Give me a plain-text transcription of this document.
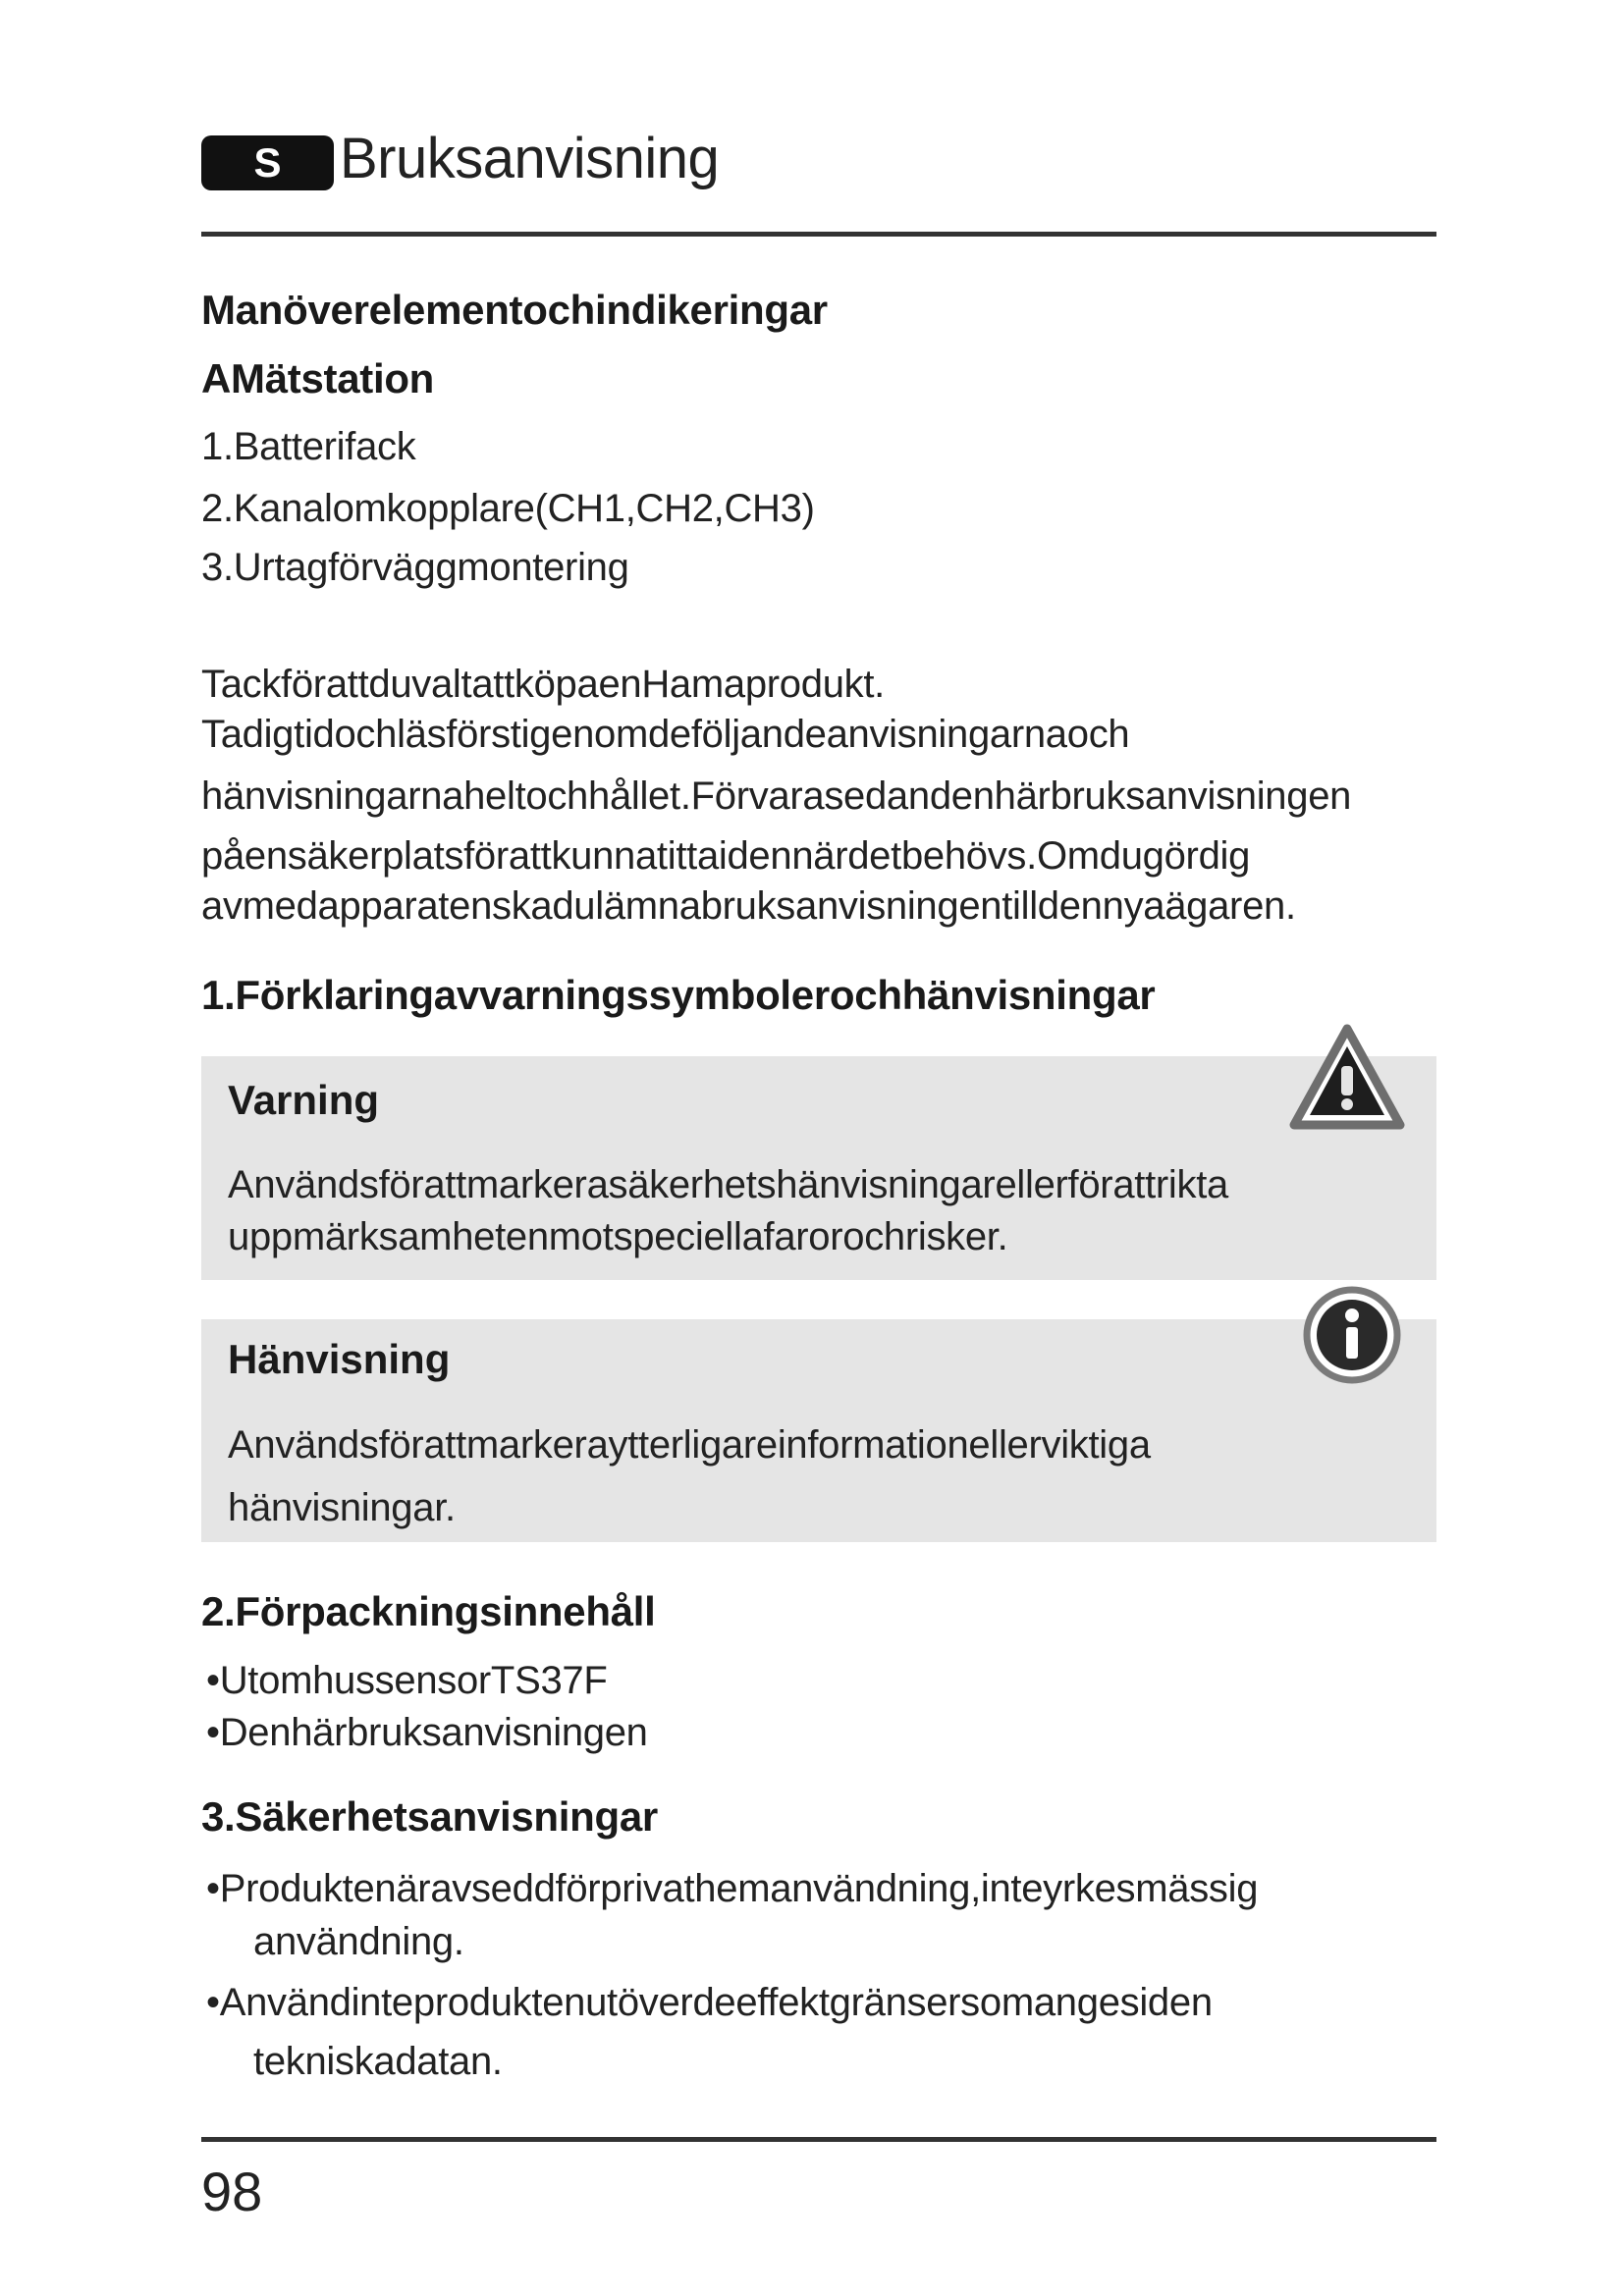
S	Bruksanvisning
Manöverelementochindikeringar
AMätstation
1.Batterifack
2.Kanalomkopplare(CH1,CH2,CH3)
3.Urtagförväggmontering
TackförattduvaltattköpaenHamaprodukt.
Tadigtidochläsförstigenomdeföljandeanvisningarnaoch
hänvisningarnaheltochhållet.Förvarasedandenhärbruksanvisningen
påensäkerplatsförattkunnatittaidennärdetbehövs.Omdugördig
avmedapparatenskadulämnabruksanvisningentilldennyaägaren.
1.Förklaringavvarningssymbolerochhänvisningar
Varning
Användsförattmarkerasäkerhetshänvisningarellerförattrikta
uppmärksamhetenmotspeciellafarorochrisker.
Hänvisning
Användsförattmarkeraytterligareinformationellerviktiga
hänvisningar.
2.Förpackningsinnehåll
•UtomhussensorTS37F
•Denhärbruksanvisningen
3.Säkerhetsanvisningar
•Produktenäravseddförprivathemanvändning,inteyrkesmässig
användning.
•Användinteproduktenutöverdeeffektgränsersomangesiden
tekniskadatan.
98
